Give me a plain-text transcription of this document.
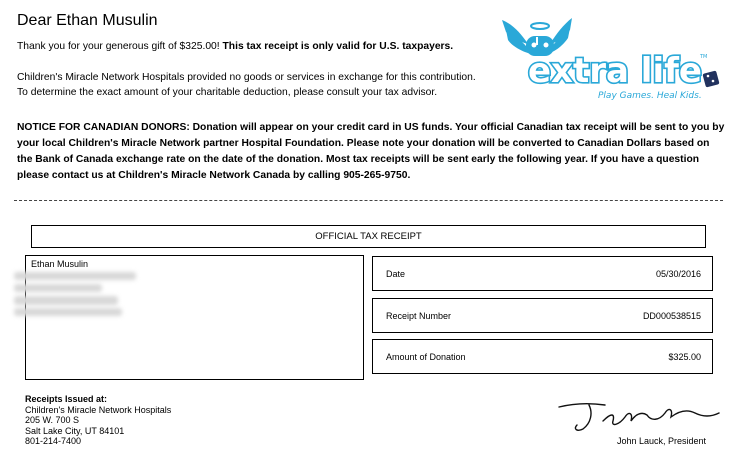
Dear Ethan Musulin
Thank you for your generous gift of $325.00! This tax receipt is only valid for U.S. taxpayers.
Children's Miracle Network Hospitals provided no goods or services in exchange for this contribution.
To determine the exact amount of your charitable deduction, please consult your tax advisor.
NOTICE FOR CANADIAN DONORS: Donation will appear on your credit card in US funds. Your official Canadian tax receipt will be sent to you by your local Children's Miracle Network partner Hospital Foundation. Please note your donation will be converted to Canadian Dollars based on the Bank of Canada exchange rate on the date of the donation. Most tax receipts will be sent early the following year. If you have a question please contact us at Children's Miracle Network Canada by calling 905-265-9750.
extra life
TM
Play Games. Heal Kids.
OFFICIAL TAX RECEIPT
Ethan Musulin
Date	05/30/2016
Receipt Number	DD000538515
Amount of Donation	$325.00
Receipts Issued at:
Children's Miracle Network Hospitals
205 W. 700 S
Salt Lake City, UT 84101
801-214-7400	John Lauck, President
